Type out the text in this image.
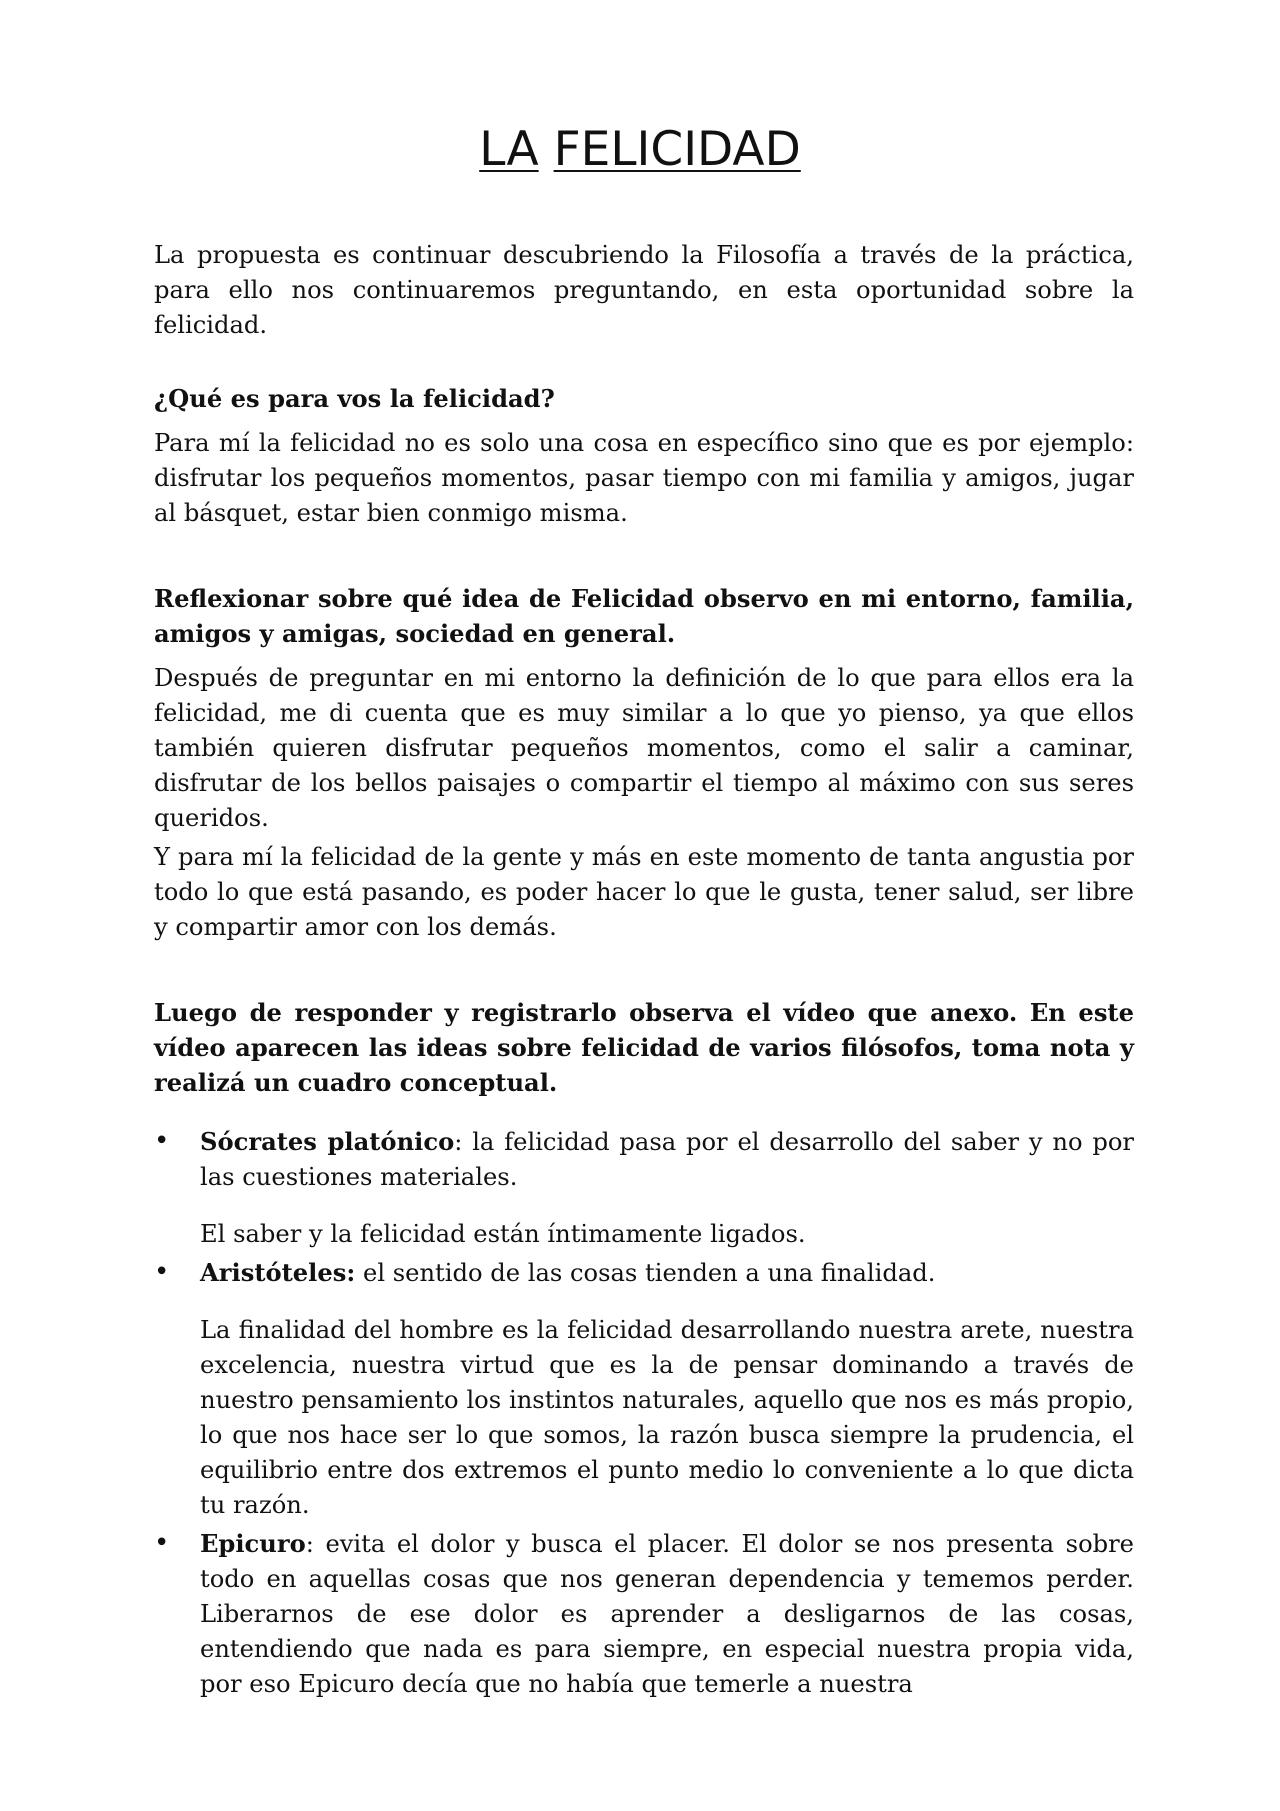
LA FELICIDAD

La propuesta es continuar descubriendo la Filosofía a través de la práctica, para ello nos continuaremos preguntando, en esta oportunidad sobre la felicidad.

¿Qué es para vos la felicidad?

Para mí la felicidad no es solo una cosa en específico sino que es por ejemplo: disfrutar los pequeños momentos, pasar tiempo con mi familia y amigos, jugar al básquet, estar bien conmigo misma.

Reflexionar sobre qué idea de Felicidad observo en mi entorno, familia, amigos y amigas, sociedad en general.

Después de preguntar en mi entorno la definición de lo que para ellos era la felicidad, me di cuenta que es muy similar a lo que yo pienso, ya que ellos también quieren disfrutar pequeños momentos, como el salir a caminar, disfrutar de los bellos paisajes o compartir el tiempo al máximo con sus seres queridos.

Y para mí la felicidad de la gente y más en este momento de tanta angustia por todo lo que está pasando, es poder hacer lo que le gusta, tener salud, ser libre y compartir amor con los demás.

Luego de responder y registrarlo observa el vídeo que anexo. En este vídeo aparecen las ideas sobre felicidad de varios filósofos, toma nota y realizá un cuadro conceptual.

•	Sócrates platónico: la felicidad pasa por el desarrollo del saber y no por las cuestiones materiales.

El saber y la felicidad están íntimamente ligados.

•	Aristóteles: el sentido de las cosas tienden a una finalidad.

La finalidad del hombre es la felicidad desarrollando nuestra arete, nuestra excelencia, nuestra virtud que es la de pensar dominando a través de nuestro pensamiento los instintos naturales, aquello que nos es más propio, lo que nos hace ser lo que somos, la razón busca siempre la prudencia, el equilibrio entre dos extremos el punto medio lo conveniente a lo que dicta tu razón.

•	Epicuro: evita el dolor y busca el placer. El dolor se nos presenta sobre todo en aquellas cosas que nos generan dependencia y tememos perder. Liberarnos de ese dolor es aprender a desligarnos de las cosas, entendiendo que nada es para siempre, en especial nuestra propia vida, por eso Epicuro decía que no había que temerle a nuestra
